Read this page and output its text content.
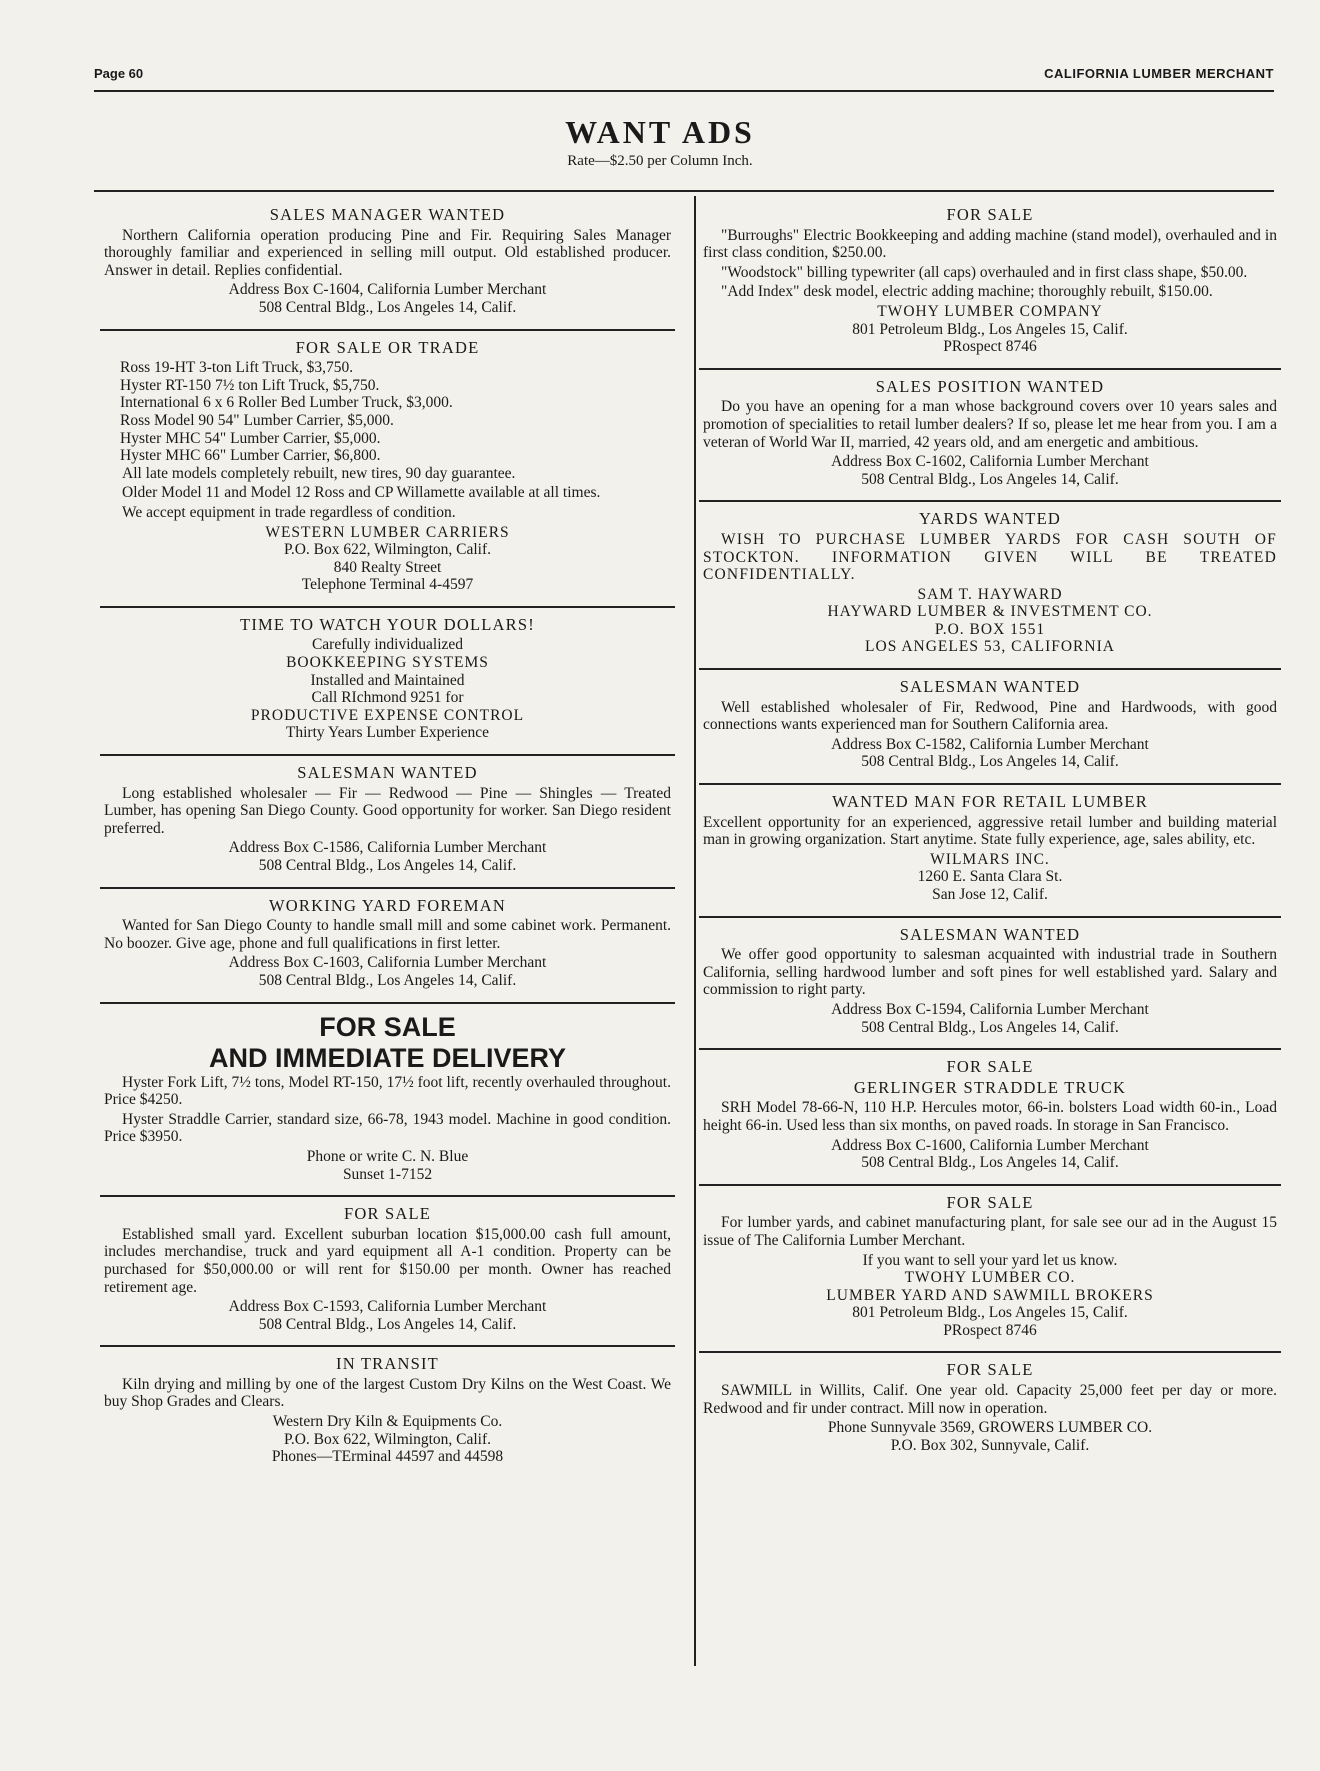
Page 60	CALIFORNIA LUMBER MERCHANT
WANT ADS
Rate—$2.50 per Column Inch.
SALES MANAGER WANTED

Northern California operation producing Pine and Fir. Requiring Sales Manager thoroughly familiar and experienced in selling mill output. Old established producer. Answer in detail. Replies confidential.

Address Box C-1604, California Lumber Merchant
508 Central Bldg., Los Angeles 14, Calif.
FOR SALE OR TRADE
Ross 19-HT 3-ton Lift Truck, $3,750.
Hyster RT-150 7½ ton Lift Truck, $5,750.
International 6 x 6 Roller Bed Lumber Truck, $3,000.
Ross Model 90 54" Lumber Carrier, $5,000.
Hyster MHC 54" Lumber Carrier, $5,000.
Hyster MHC 66" Lumber Carrier, $6,800.

All late models completely rebuilt, new tires, 90 day guarantee.

Older Model 11 and Model 12 Ross and CP Willamette available at all times.

We accept equipment in trade regardless of condition.

WESTERN LUMBER CARRIERS
P.O. Box 622, Wilmington, Calif.
840 Realty Street
Telephone Terminal 4-4597
TIME TO WATCH YOUR DOLLARS!
Carefully individualized
BOOKKEEPING SYSTEMS
Installed and Maintained
Call RIchmond 9251 for
PRODUCTIVE EXPENSE CONTROL
Thirty Years Lumber Experience
SALESMAN WANTED

Long established wholesaler — Fir — Redwood — Pine — Shingles — Treated Lumber, has opening San Diego County. Good opportunity for worker. San Diego resident preferred.

Address Box C-1586, California Lumber Merchant
508 Central Bldg., Los Angeles 14, Calif.
WORKING YARD FOREMAN

Wanted for San Diego County to handle small mill and some cabinet work. Permanent. No boozer. Give age, phone and full qualifications in first letter.

Address Box C-1603, California Lumber Merchant
508 Central Bldg., Los Angeles 14, Calif.
FOR SALE
AND IMMEDIATE DELIVERY

Hyster Fork Lift, 7½ tons, Model RT-150, 17½ foot lift, recently overhauled throughout. Price $4250.

Hyster Straddle Carrier, standard size, 66-78, 1943 model. Machine in good condition. Price $3950.

Phone or write C. N. Blue
Sunset 1-7152
FOR SALE

Established small yard. Excellent suburban location $15,000.00 cash full amount, includes merchandise, truck and yard equipment all A-1 condition. Property can be purchased for $50,000.00 or will rent for $150.00 per month. Owner has reached retirement age.

Address Box C-1593, California Lumber Merchant
508 Central Bldg., Los Angeles 14, Calif.
IN TRANSIT

Kiln drying and milling by one of the largest Custom Dry Kilns on the West Coast. We buy Shop Grades and Clears.

Western Dry Kiln & Equipments Co.
P.O. Box 622, Wilmington, Calif.
Phones—TErminal 44597 and 44598
FOR SALE

"Burroughs" Electric Bookkeeping and adding machine (stand model), overhauled and in first class condition, $250.00.

"Woodstock" billing typewriter (all caps) overhauled and in first class shape, $50.00.

"Add Index" desk model, electric adding machine; thoroughly rebuilt, $150.00.

TWOHY LUMBER COMPANY
801 Petroleum Bldg., Los Angeles 15, Calif.
PRospect 8746
SALES POSITION WANTED

Do you have an opening for a man whose background covers over 10 years sales and promotion of specialities to retail lumber dealers? If so, please let me hear from you. I am a veteran of World War II, married, 42 years old, and am energetic and ambitious.

Address Box C-1602, California Lumber Merchant
508 Central Bldg., Los Angeles 14, Calif.
YARDS WANTED

WISH TO PURCHASE LUMBER YARDS FOR CASH SOUTH OF STOCKTON. INFORMATION GIVEN WILL BE TREATED CONFIDENTIALLY.

SAM T. HAYWARD
HAYWARD LUMBER & INVESTMENT CO.
P.O. BOX 1551
LOS ANGELES 53, CALIFORNIA
SALESMAN WANTED

Well established wholesaler of Fir, Redwood, Pine and Hardwoods, with good connections wants experienced man for Southern California area.

Address Box C-1582, California Lumber Merchant
508 Central Bldg., Los Angeles 14, Calif.
WANTED MAN FOR RETAIL LUMBER

Excellent opportunity for an experienced, aggressive retail lumber and building material man in growing organization. Start anytime. State fully experience, age, sales ability, etc.

WILMARS INC.
1260 E. Santa Clara St.
San Jose 12, Calif.
SALESMAN WANTED

We offer good opportunity to salesman acquainted with industrial trade in Southern California, selling hardwood lumber and soft pines for well established yard. Salary and commission to right party.

Address Box C-1594, California Lumber Merchant
508 Central Bldg., Los Angeles 14, Calif.
FOR SALE
GERLINGER STRADDLE TRUCK

SRH Model 78-66-N, 110 H.P. Hercules motor, 66-in. bolsters Load width 60-in., Load height 66-in. Used less than six months, on paved roads. In storage in San Francisco.

Address Box C-1600, California Lumber Merchant
508 Central Bldg., Los Angeles 14, Calif.
FOR SALE

For lumber yards, and cabinet manufacturing plant, for sale see our ad in the August 15 issue of The California Lumber Merchant.

If you want to sell your yard let us know.
TWOHY LUMBER CO.
LUMBER YARD AND SAWMILL BROKERS
801 Petroleum Bldg., Los Angeles 15, Calif.
PRospect 8746
FOR SALE

SAWMILL in Willits, Calif. One year old. Capacity 25,000 feet per day or more. Redwood and fir under contract. Mill now in operation.

Phone Sunnyvale 3569, GROWERS LUMBER CO.
P.O. Box 302, Sunnyvale, Calif.
